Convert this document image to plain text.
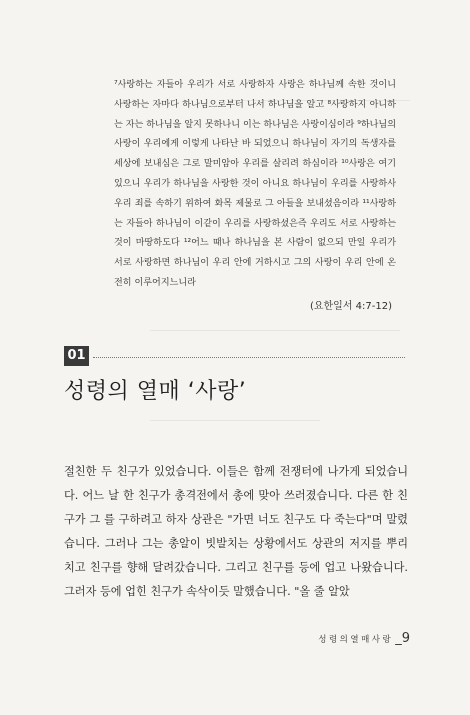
⁷사랑하는 자들아 우리가 서로 사랑하자 사랑은 하나님께 속한 것이니 사랑하는 자마다 하나님으로부터 나서 하나님을 알고 ⁸사랑하지 아니하는 자는 하나님을 알지 못하나니 이는 하나님은 사랑이심이라 ⁹하나님의 사랑이 우리에게 이렇게 나타난 바 되었으니 하나님이 자기의 독생자를 세상에 보내심은 그로 말미암아 우리를 살리려 하심이라 ¹⁰사랑은 여기 있으니 우리가 하나님을 사랑한 것이 아니요 하나님이 우리를 사랑하사 우리 죄를 속하기 위하여 화목 제물로 그 아들을 보내셨음이라 ¹¹사랑하는 자들아 하나님이 이같이 우리를 사랑하셨은즉 우리도 서로 사랑하는 것이 마땅하도다 ¹²어느 때나 하나님을 본 사람이 없으되 만일 우리가 서로 사랑하면 하나님이 우리 안에 거하시고 그의 사랑이 우리 안에 온전히 이루어지느니라

(요한일서 4:7-12)
01
성령의 열매 ‘사랑’

절친한 두 친구가 있었습니다. 이들은 함께 전쟁터에 나가게 되었습니다. 어느 날 한 친구가 총격전에서 총에 맞아 쓰러졌습니다. 다른 한 친구가 그 를 구하려고 하자 상관은 "가면 너도 친구도 다 죽는다"며 말렸습니다. 그러나 그는 총알이 빗발치는 상황에서도 상관의 저지를 뿌리치고 친구를 향해 달려갔습니다. 그리고 친구를 등에 업고 나왔습니다. 그러자 등에 업힌 친구가 속삭이듯 말했습니다. "올 줄 알았

성령의열매사랑 _9
